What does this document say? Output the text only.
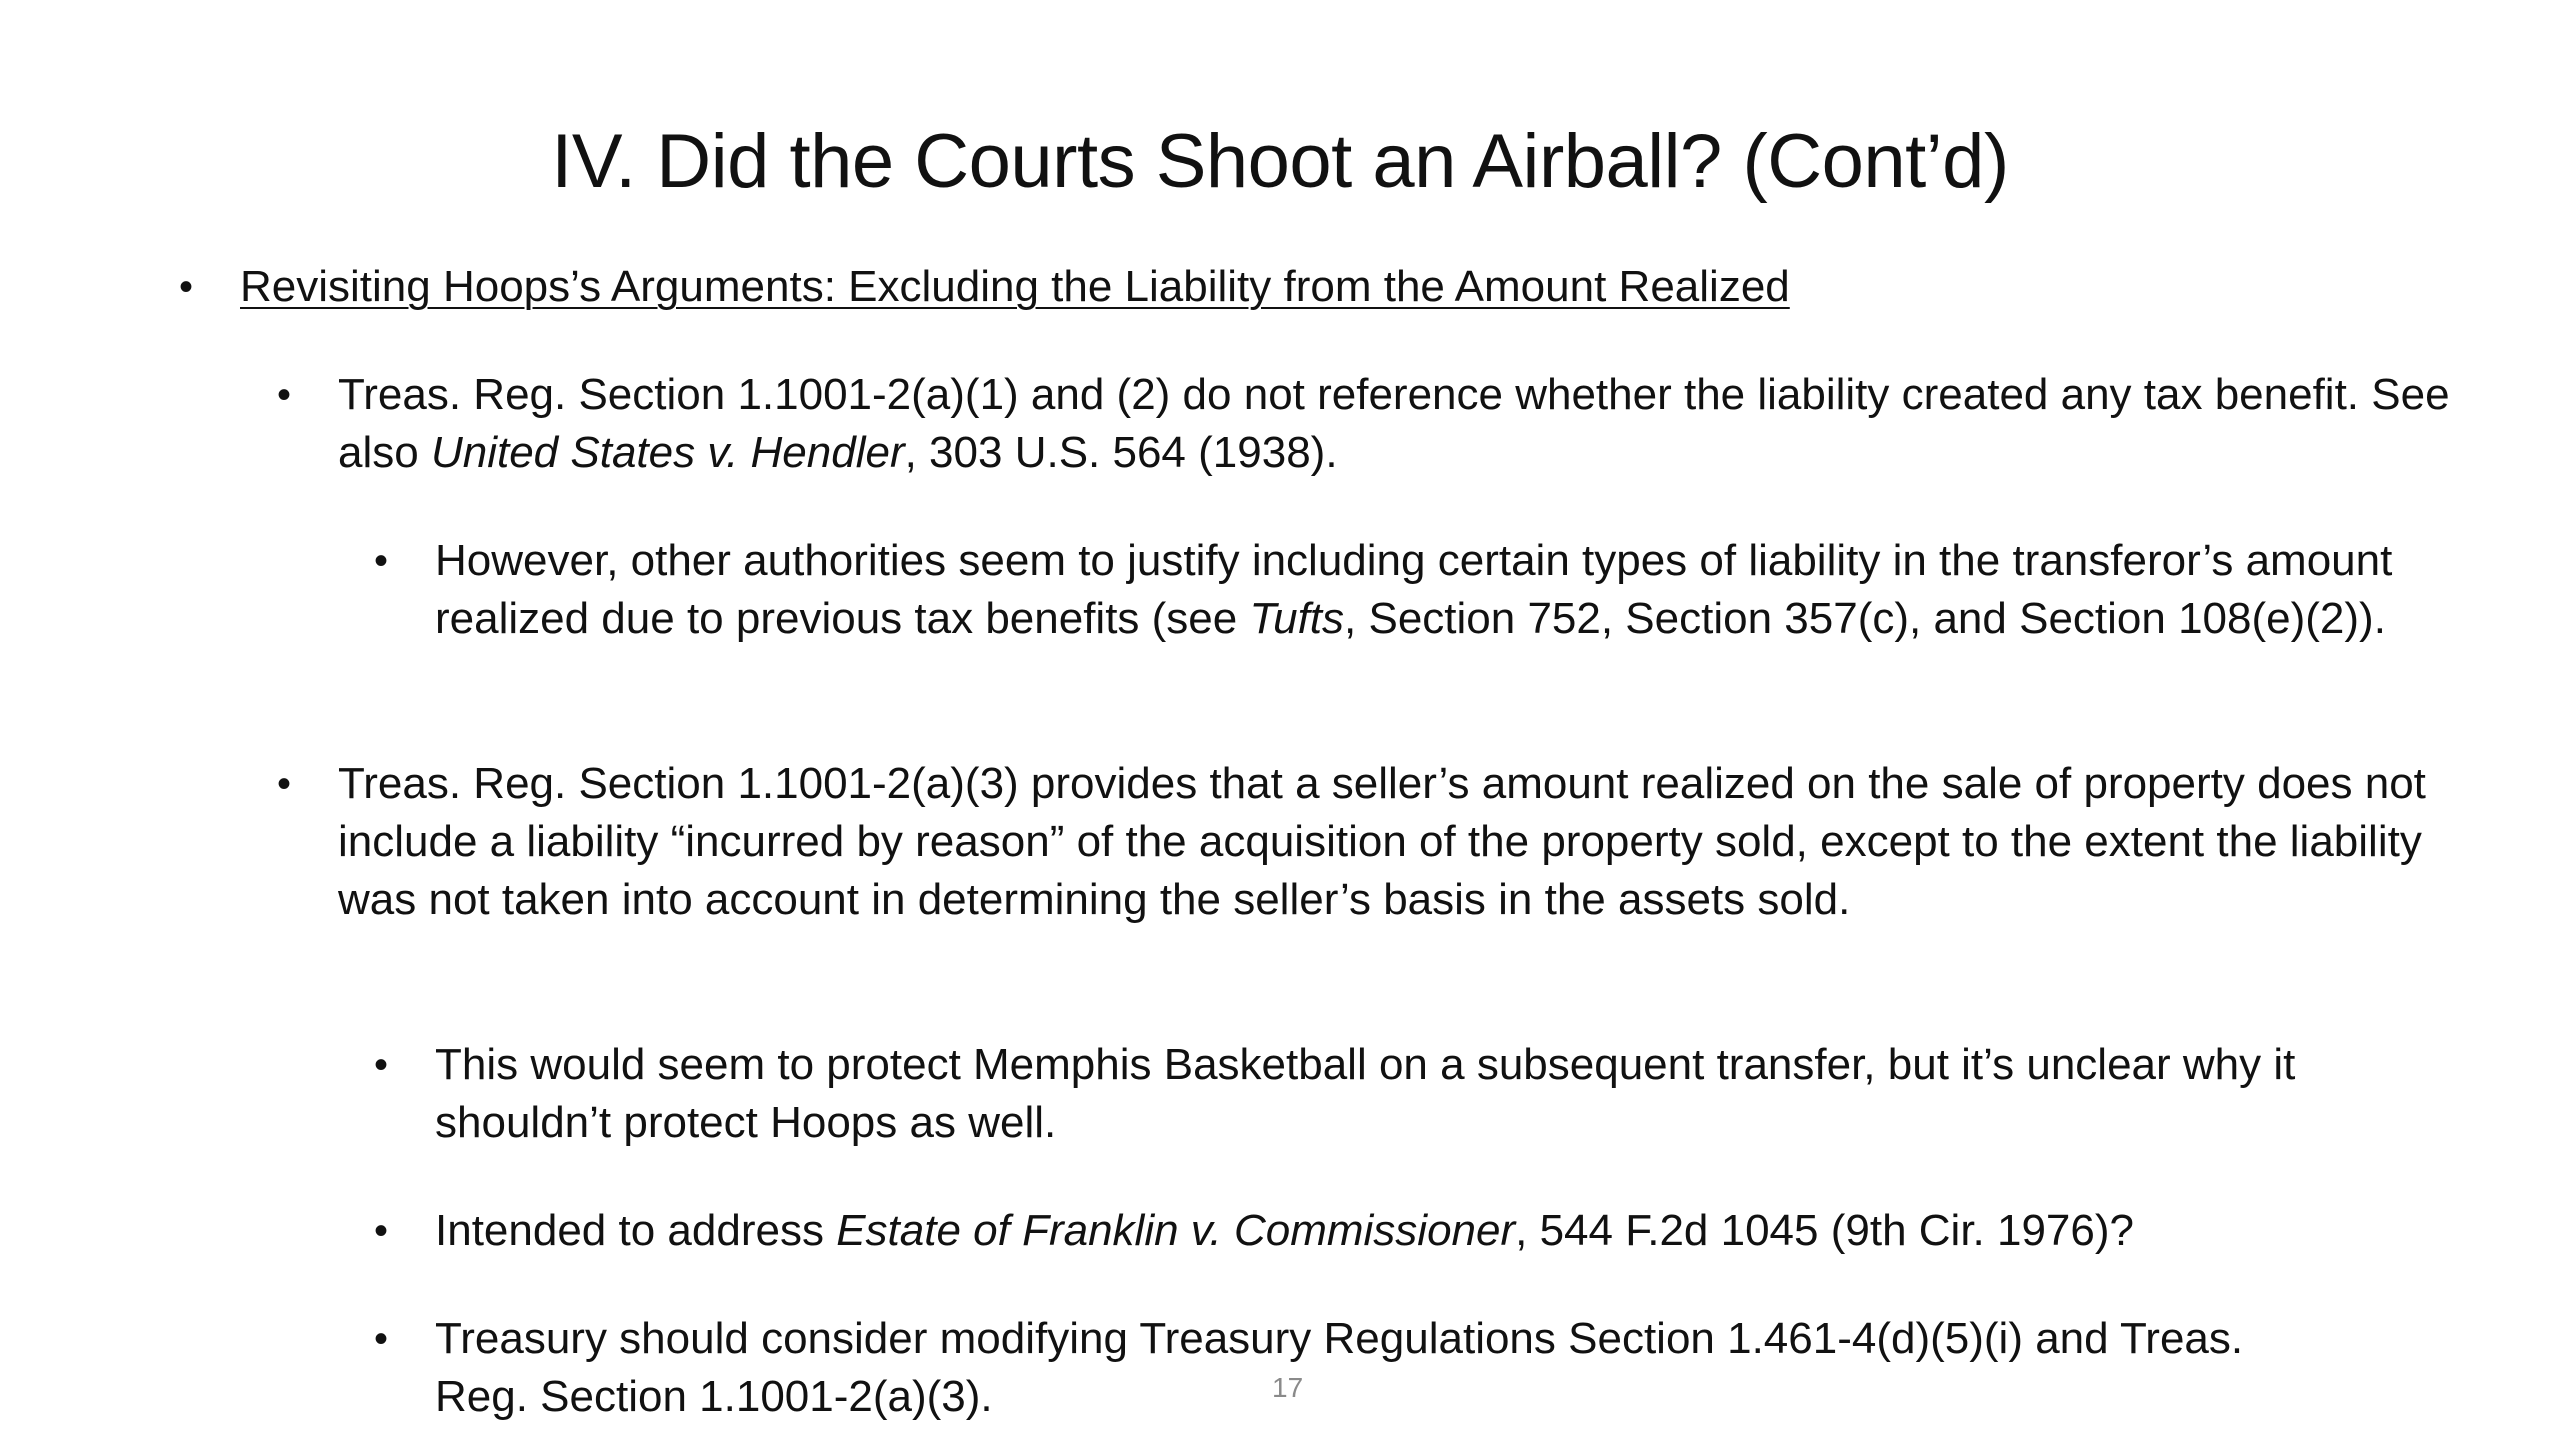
IV. Did the Courts Shoot an Airball? (Cont’d)
• Revisiting Hoops’s Arguments: Excluding the Liability from the Amount Realized
• Treas. Reg. Section 1.1001-2(a)(1) and (2) do not reference whether the liability created any tax benefit. See also United States v. Hendler, 303 U.S. 564 (1938).
• However, other authorities seem to justify including certain types of liability in the transferor’s amount realized due to previous tax benefits (see Tufts, Section 752, Section 357(c), and Section 108(e)(2)).
• Treas. Reg. Section 1.1001-2(a)(3) provides that a seller’s amount realized on the sale of property does not include a liability “incurred by reason” of the acquisition of the property sold, except to the extent the liability was not taken into account in determining the seller’s basis in the assets sold.
• This would seem to protect Memphis Basketball on a subsequent transfer, but it’s unclear why it shouldn’t protect Hoops as well.
• Intended to address Estate of Franklin v. Commissioner, 544 F.2d 1045 (9th Cir. 1976)?
• Treasury should consider modifying Treasury Regulations Section 1.461-4(d)(5)(i) and Treas. Reg. Section 1.1001-2(a)(3).	17
